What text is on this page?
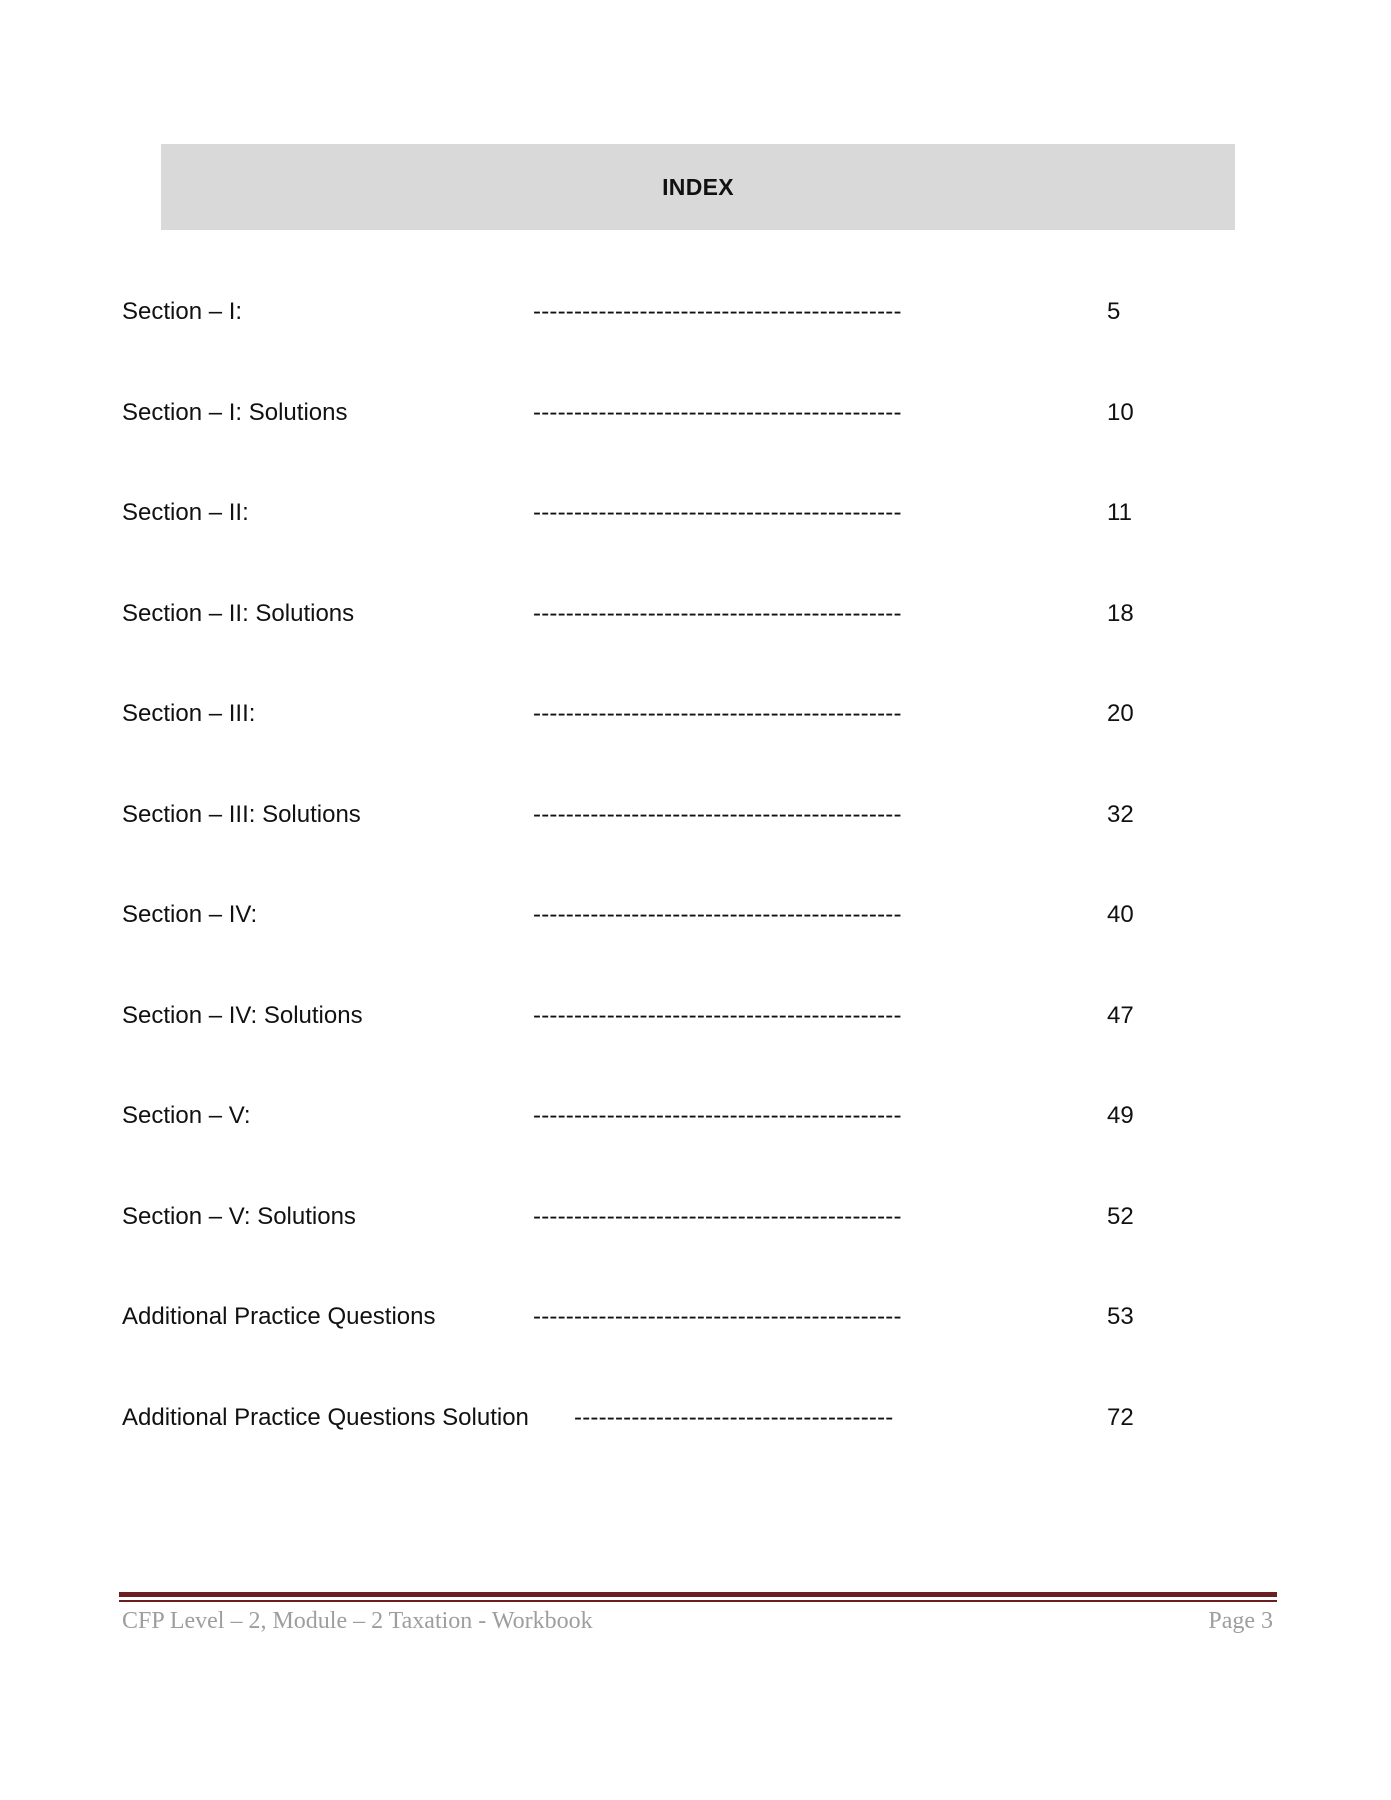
INDEX
Section – I:	---------------------------------------------	5
Section – I: Solutions	---------------------------------------------	10
Section – II:	---------------------------------------------	11
Section – II: Solutions	---------------------------------------------	18
Section – III:	---------------------------------------------	20
Section – III: Solutions	---------------------------------------------	32
Section – IV:	---------------------------------------------	40
Section – IV: Solutions	---------------------------------------------	47
Section – V:	---------------------------------------------	49
Section – V: Solutions	---------------------------------------------	52
Additional Practice Questions	---------------------------------------------	53
Additional Practice Questions Solution ---------------------------------------	72
CFP Level – 2, Module – 2 Taxation - Workbook	Page 3
